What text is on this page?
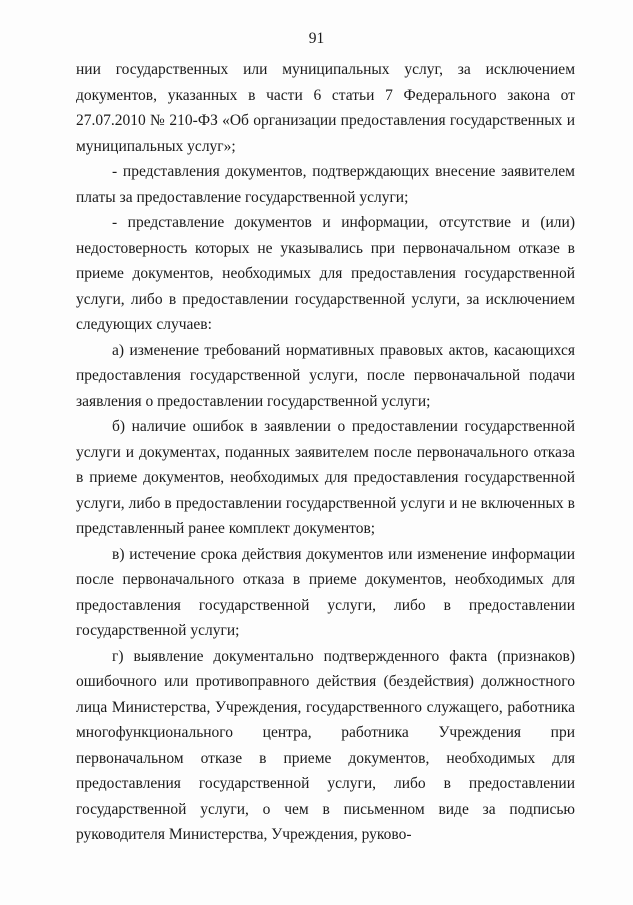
91

нии государственных или муниципальных услуг, за исключением документов, указанных в части 6 статьи 7 Федерального закона от 27.07.2010 № 210-ФЗ «Об организации предоставления государственных и муниципальных услуг»;

- представления документов, подтверждающих внесение заявителем платы за предоставление государственной услуги;

- представление документов и информации, отсутствие и (или) недостоверность которых не указывались при первоначальном отказе в приеме документов, необходимых для предоставления государственной услуги, либо в предоставлении государственной услуги, за исключением следующих случаев:

а) изменение требований нормативных правовых актов, касающихся предоставления государственной услуги, после первоначальной подачи заявления о предоставлении государственной услуги;

б) наличие ошибок в заявлении о предоставлении государственной услуги и документах, поданных заявителем после первоначального отказа в приеме документов, необходимых для предоставления государственной услуги, либо в предоставлении государственной услуги и не включенных в представленный ранее комплект документов;

в) истечение срока действия документов или изменение информации после первоначального отказа в приеме документов, необходимых для предоставления государственной услуги, либо в предоставлении государственной услуги;

г) выявление документально подтвержденного факта (признаков) ошибочного или противоправного действия (бездействия) должностного лица Министерства, Учреждения, государственного служащего, работника многофункционального центра, работника Учреждения при первоначальном отказе в приеме документов, необходимых для предоставления государственной услуги, либо в предоставлении государственной услуги, о чем в письменном виде за подписью руководителя Министерства, Учреждения, руково-
